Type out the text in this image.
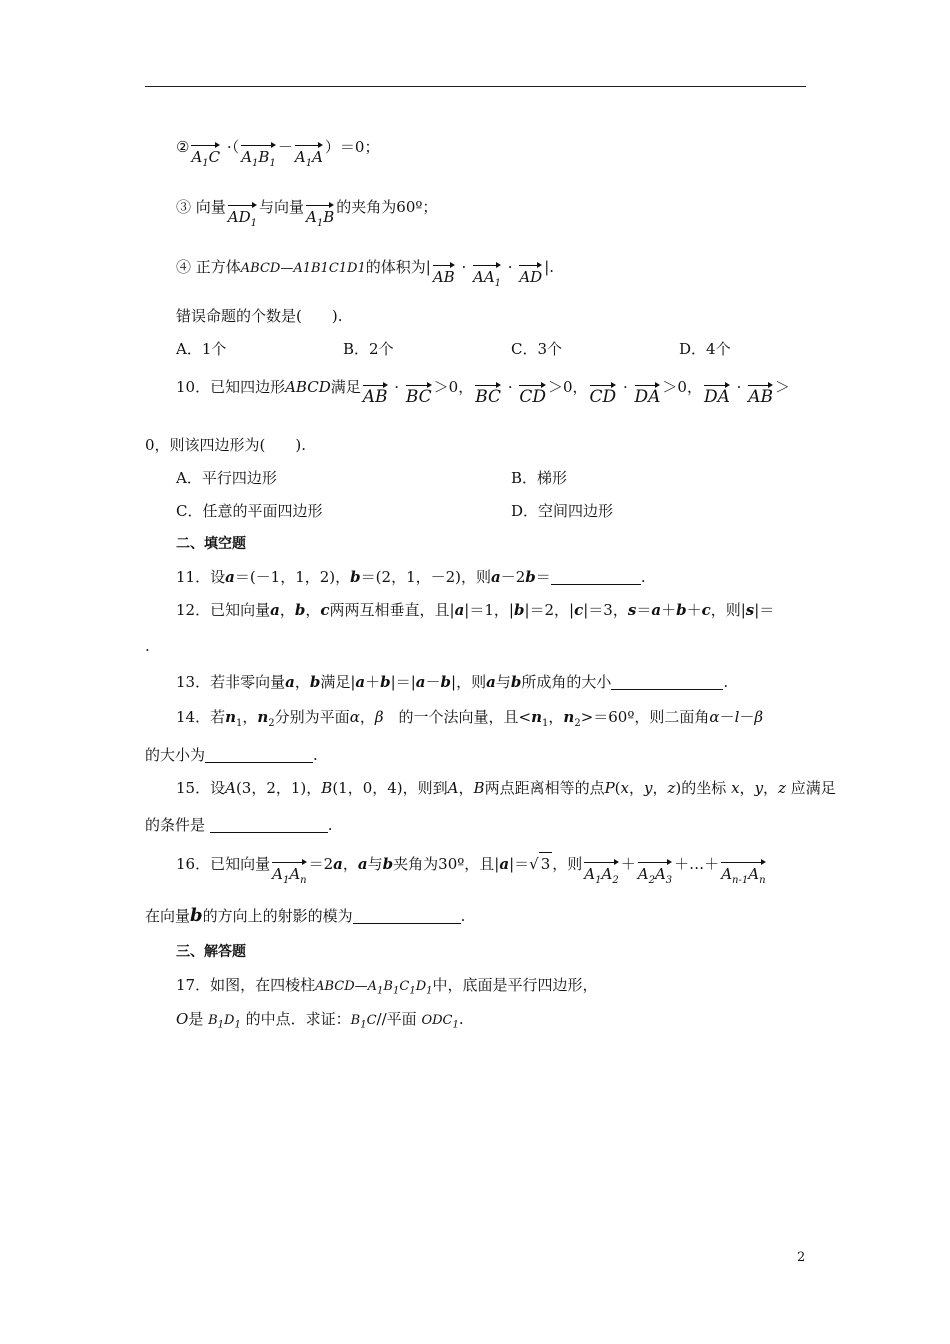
$②A_1C \cdot(A_1B_1-A_1A)=0$；
③ 向量$AD_1$与向量$A_1B$的夹角为60º；
④ 正方体ABCD—A1B1C1D1的体积为$|AB \cdot AA_1 \cdot AD|$.
错误命题的个数是(　　).
A．1个	B．2个	C．3个	D．4个
10．已知四边形ABCD满足 AB · BC ＞0， BC · CD ＞0， CD · DA ＞0， DA · AB ＞
0，则该四边形为(　　).
A．平行四边形	B．梯形
C．任意的平面四边形	D．空间四边形
二、填空题
11．设a＝(－1，1，2)，b＝(2，1，－2)，则a－2b＝	.
12．已知向量a，b，c两两互相垂直，且|a|＝1，|b|＝2，|c|＝3，s＝a＋b＋c，则|s|＝
.
13．若非零向量a，b满足|a＋b|＝|a－b|，则a与b所成角的大小	.
14．若$n_1$，$n_2$分别为平面α，β　 的一个法向量，且$<n_1$，$n_2>=60º$，则二面角α－l－β
的大小为	.
15．设A(3，2，1)，B(1，0，4)，则到A，B两点距离相等的点P(x，y，z)的坐标 x，y，z 应满足
的条件是	.
16．已知向量$A_1A_n=2a$，a与b夹角为30º，且|a|＝√ 3 ，则$A_1A_2+A_2A_3+\dots+A_{n-1}A_n$
在向量b的方向上的射影的模为	.
三、解答题
17．如图，在四棱柱$ABCD—A_1B_1C_1D_1$中，底面是平行四边形，
O是 $B_1D_1$ 的中点．求证：$B_1C//$平面 $ODC_1$.
2
